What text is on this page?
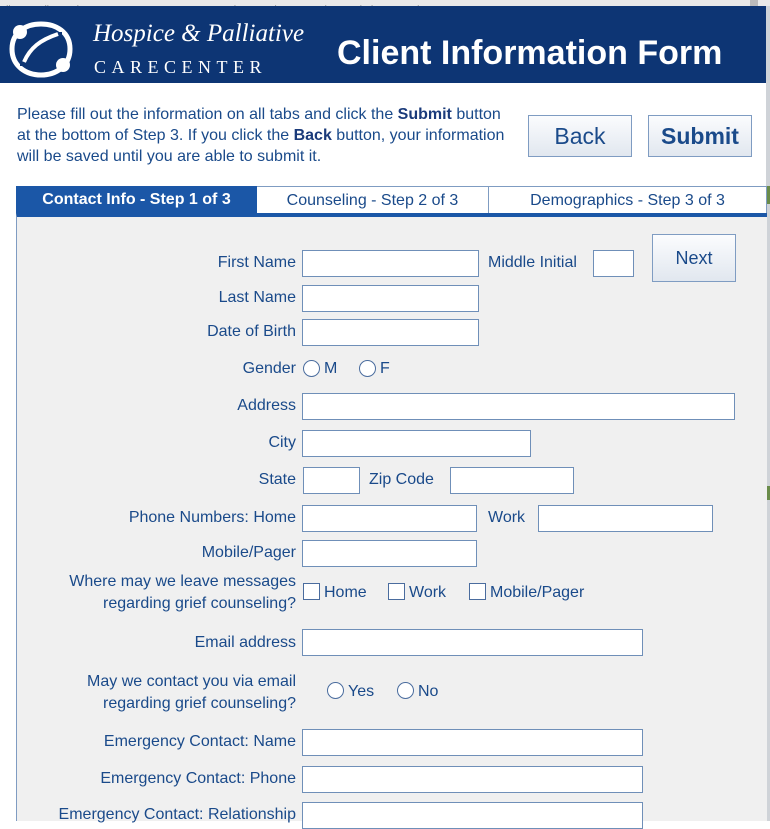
Hospice & Palliative
CARECENTER Client Information Form
Please fill out the information on all tabs and click the Submit button at the bottom of Step 3. If you click the Back button, your information will be saved until you are able to submit it.
Back	Submit
Contact Info - Step 1 of 3	Counseling - Step 2 of 3	Demographics - Step 3 of 3
Next
First Name	Middle Initial
Last Name
Date of Birth
Gender M	F
Address
City
State	Zip Code
Phone Numbers: Home	Work
Mobile/Pager
Where may we leave messages
regarding grief counseling?
Home	Work	Mobile/Pager
Email address
May we contact you via email
regarding grief counseling?
Yes	No
Emergency Contact: Name
Emergency Contact: Phone
Emergency Contact: Relationship
